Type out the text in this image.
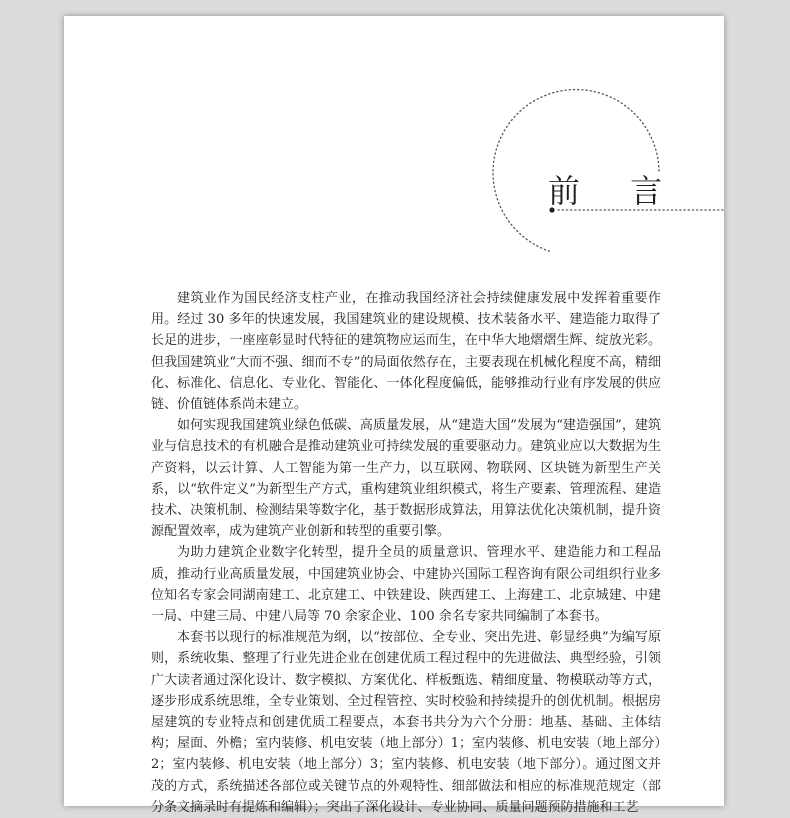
前 言

建筑业作为国民经济支柱产业，在推动我国经济社会持续健康发展中发挥着重要作用。经过 30 多年的快速发展，我国建筑业的建设规模、技术装备水平、建造能力取得了长足的进步，一座座彰显时代特征的建筑物应运而生，在中华大地熠熠生辉、绽放光彩。但我国建筑业“大而不强、细而不专”的局面依然存在，主要表现在机械化程度不高，精细化、标准化、信息化、专业化、智能化、一体化程度偏低，能够推动行业有序发展的供应链、价值链体系尚未建立。

如何实现我国建筑业绿色低碳、高质量发展，从“建造大国”发展为“建造强国”，建筑业与信息技术的有机融合是推动建筑业可持续发展的重要驱动力。建筑业应以大数据为生产资料，以云计算、人工智能为第一生产力，以互联网、物联网、区块链为新型生产关系，以“软件定义”为新型生产方式，重构建筑业组织模式，将生产要素、管理流程、建造技术、决策机制、检测结果等数字化，基于数据形成算法，用算法优化决策机制，提升资源配置效率，成为建筑产业创新和转型的重要引擎。

为助力建筑企业数字化转型，提升全员的质量意识、管理水平、建造能力和工程品质，推动行业高质量发展，中国建筑业协会、中建协兴国际工程咨询有限公司组织行业多位知名专家会同湖南建工、北京建工、中铁建设、陕西建工、上海建工、北京城建、中建一局、中建三局、中建八局等 70 余家企业、100 余名专家共同编制了本套书。

本套书以现行的标准规范为纲，以“按部位、全专业、突出先进、彰显经典”为编写原则，系统收集、整理了行业先进企业在创建优质工程过程中的先进做法、典型经验，引领广大读者通过深化设计、数字模拟、方案优化、样板甄选、精细度量、物模联动等方式，逐步形成系统思维，全专业策划、全过程管控、实时校验和持续提升的创优机制。根据房屋建筑的专业特点和创建优质工程要点，本套书共分为六个分册：地基、基础、主体结构；屋面、外檐；室内装修、机电安装（地上部分）1；室内装修、机电安装（地上部分）2；室内装修、机电安装（地上部分）3；室内装修、机电安装（地下部分）。通过图文并茂的方式，系统描述各部位或关键节点的外观特性、细部做法和相应的标准规范规定（部分条文摘录时有提炼和编辑）；突出了深化设计、专业协同、质量问题预防措施和工艺
